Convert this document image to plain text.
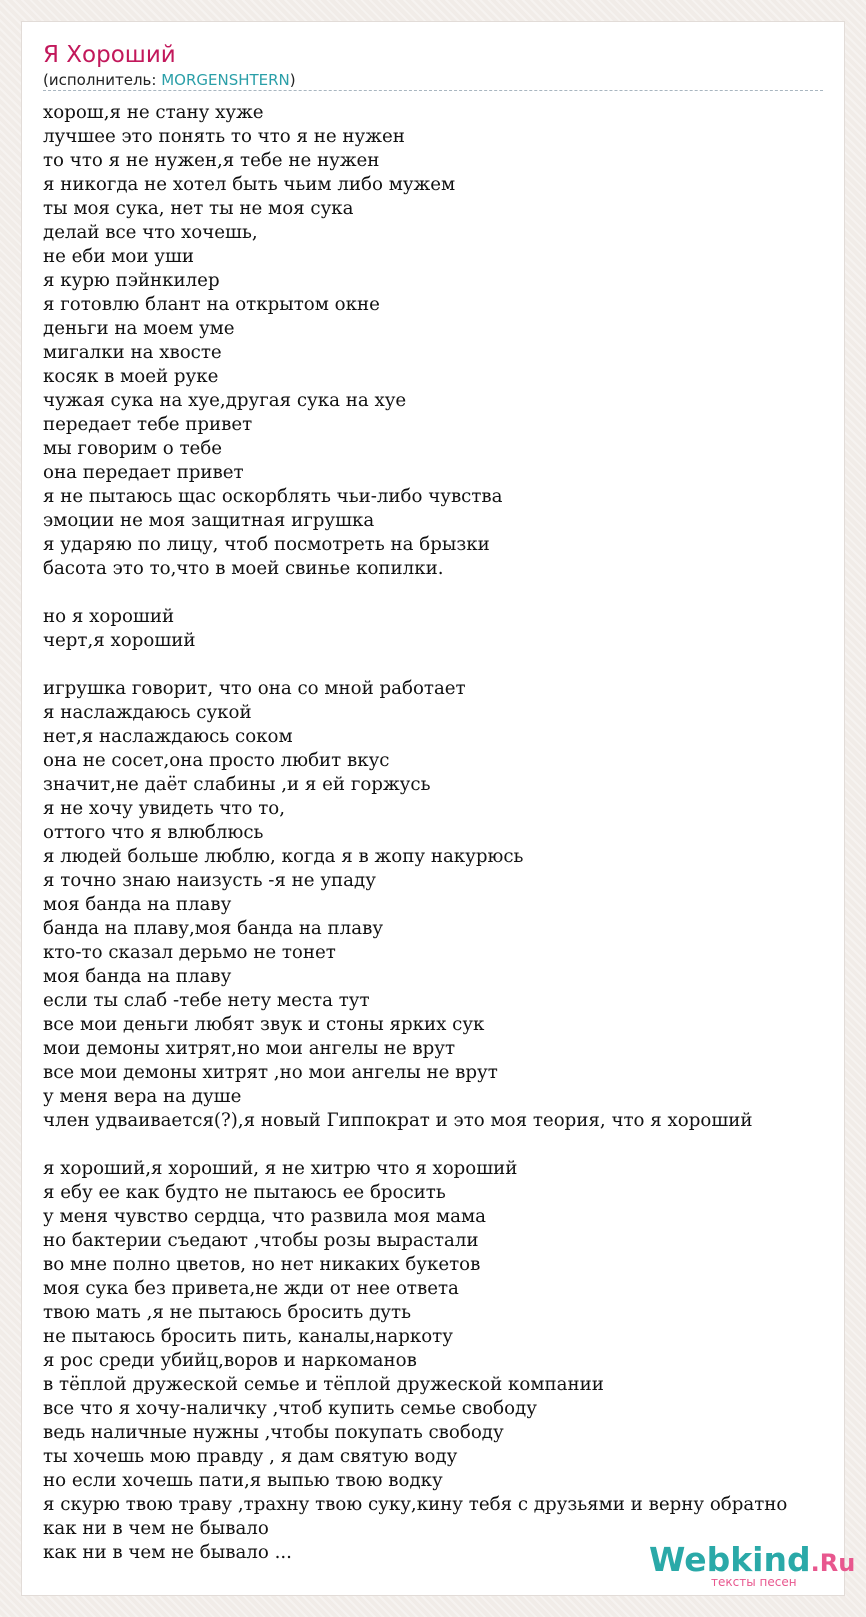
Я Хороший
(исполнитель: MORGENSHTERN)
хорош,я не стану хуже
лучшее это понять то что я не нужен
то что я не нужен,я тебе не нужен
я никогда не хотел быть чьим либо мужем
ты моя сука, нет ты не моя сука
делай все что хочешь,
не еби мои уши
я курю пэйнкилер
я готовлю блант на открытом окне
деньги на моем уме
мигалки на хвосте
косяк в моей руке
чужая сука на хуе,другая сука на хуе
передает тебе привет
мы говорим о тебе
она передает привет
я не пытаюсь щас оскорблять чьи-либо чувства
эмоции не моя защитная игрушка
я ударяю по лицу, чтоб посмотреть на брызки
басота это то,что в моей свинье копилки.

но я хороший
черт,я хороший

игрушка говорит, что она со мной работает
я наслаждаюсь сукой
нет,я наслаждаюсь соком
она не сосет,она просто любит вкус
значит,не даёт слабины ,и я ей горжусь
я не хочу увидеть что то,
оттого что я влюблюсь
я людей больше люблю, когда я в жопу накурюсь
я точно знаю наизусть -я не упаду
моя банда на плаву
банда на плаву,моя банда на плаву
кто-то сказал дерьмо не тонет
моя банда на плаву
если ты слаб -тебе нету места тут
все мои деньги любят звук и стоны ярких сук
мои демоны хитрят,но мои ангелы не врут
все мои демоны хитрят ,но мои ангелы не врут
у меня вера на душе
член удваивается(?),я новый Гиппократ и это моя теория, что я хороший

я хороший,я хороший, я не хитрю что я хороший
я ебу ее как будто не пытаюсь ее бросить
у меня чувство сердца, что развила моя мама
но бактерии съедают ,чтобы розы вырастали
во мне полно цветов, но нет никаких букетов
моя сука без привета,не жди от нее ответа
твою мать ,я не пытаюсь бросить дуть
не пытаюсь бросить пить, каналы,наркоту
я рос среди убийц,воров и наркоманов
в тёплой дружеской семье и тёплой дружеской компании
все что я хочу-наличку ,чтоб купить семье свободу
ведь наличные нужны ,чтобы покупать свободу
ты хочешь мою правду , я дам святую воду
но если хочешь пати,я выпью твою водку
я скурю твою траву ,трахну твою суку,кину тебя с друзьями и верну обратно
как ни в чем не бывало
как ни в чем не бывало ...	Webkind.Ru
тексты песен
